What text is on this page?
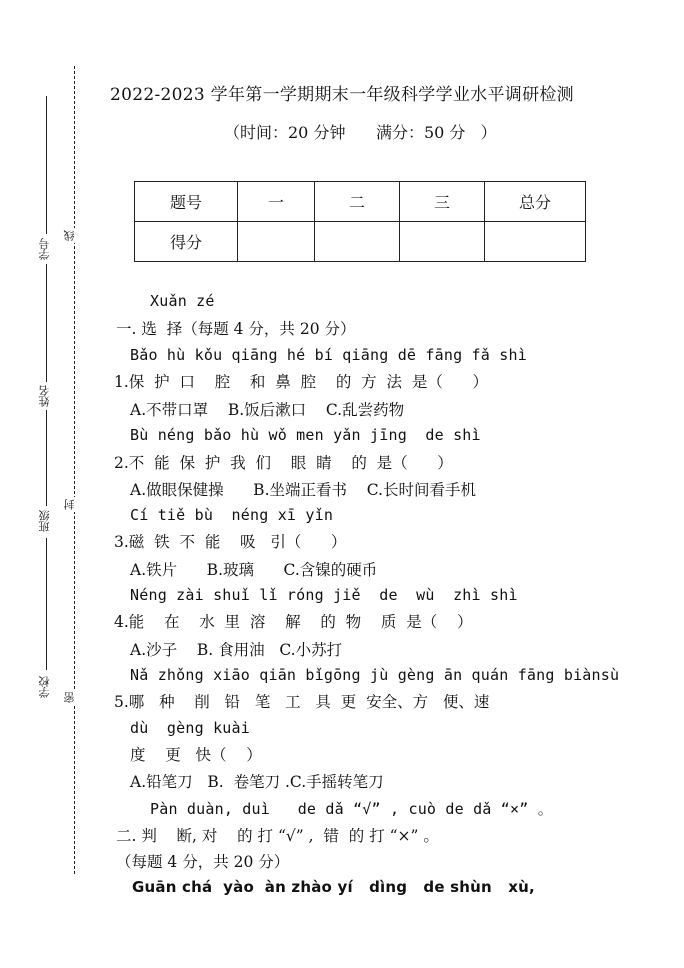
学号
姓名
班级
学校
线
封
密
2022-2023 学年第一学期期末一年级科学学业水平调研检测
（时间：20 分钟      满分：50 分   ）
题号	一	二	三	总分
得分				
Xuǎn zé
一. 选  择（每题 4 分，共 20 分）
Bǎo hù kǒu qiāng hé bí qiāng dē fāng fǎ shì
1.保  护  口    腔    和  鼻  腔    的  方  法  是（      ）
A.不带口罩    B.饭后漱口    C.乱尝药物
Bù néng bǎo hù wǒ men yǎn jīng  de shì
2.不  能  保  护  我  们    眼  睛    的  是（      ）
A.做眼保健操      B.坐端正看书    C.长时间看手机
Cí tiě bù  néng xī yǐn
3.磁  铁  不  能    吸   引（      ）
A.铁片      B.玻璃      C.含镍的硬币
Néng zài shuǐ lǐ róng jiě  de  wù  zhì shì
4.能    在    水  里  溶    解    的  物    质  是（    ）
A.沙子    B. 食用油   C.小苏打
Nǎ zhǒng xiāo qiān bǐgōng jù gèng ān quán fāng biànsù
5.哪   种    削   铅   笔   工   具  更  安全、方   便、速
dù  gèng kuài
度    更   快（    ）
A.铅笔刀   B.  卷笔刀 .C.手摇转笔刀
Pàn duàn, duì   de dǎ “√” , cuò de dǎ “×” 。
二. 判    断, 对    的 打 “√” ,  错  的 打 “×” 。
（每题 4 分，共 20 分）
Guān chá  yào  àn zhào yí   dìng   de shùn   xù,
